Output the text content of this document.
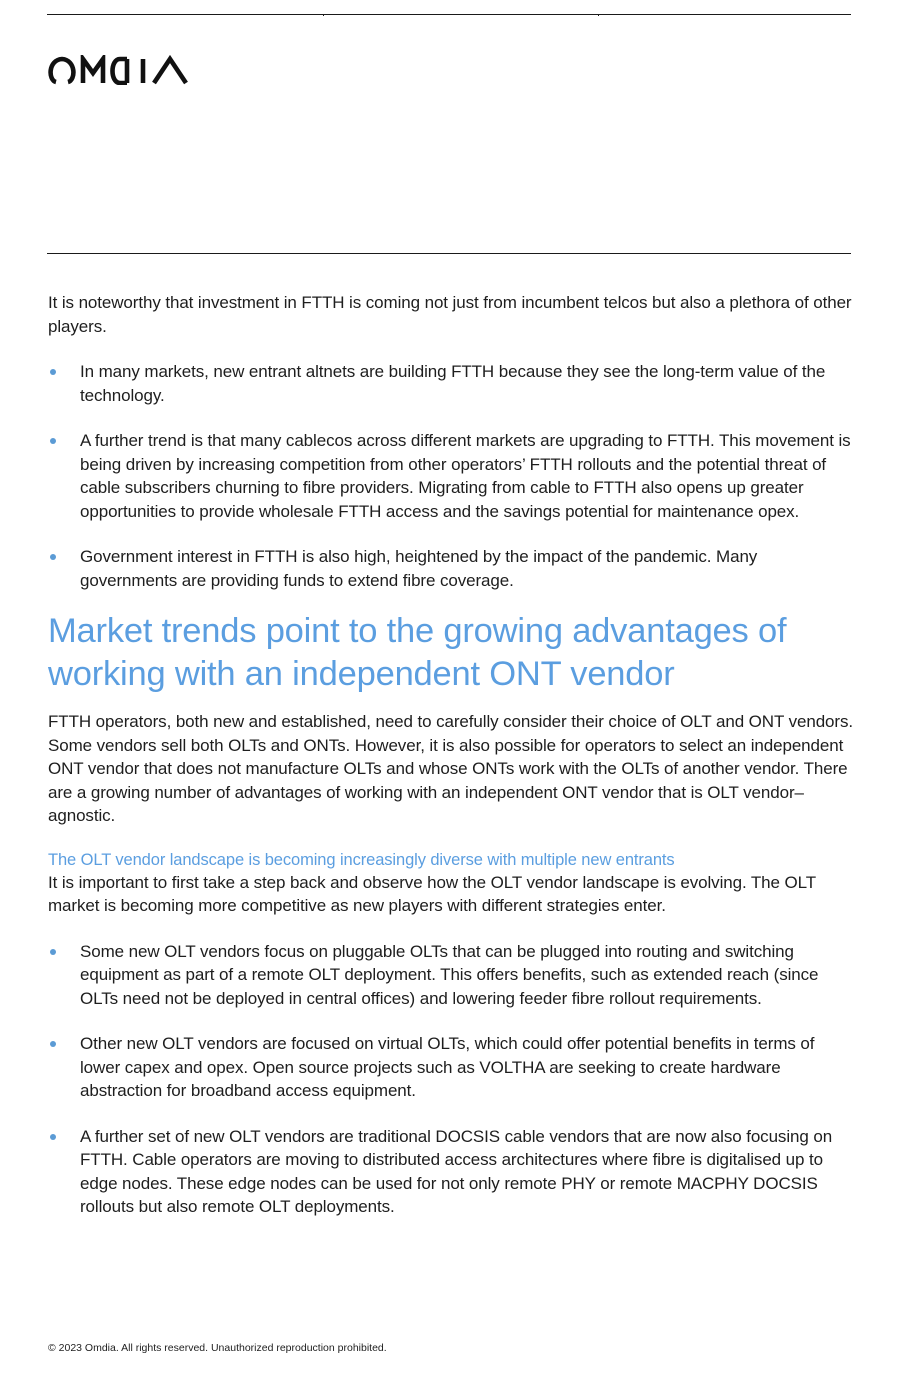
It is noteworthy that investment in FTTH is coming not just from incumbent telcos but also a plethora of other players.

In many markets, new entrant altnets are building FTTH because they see the long-term value of the technology.
A further trend is that many cablecos across different markets are upgrading to FTTH. This movement is being driven by increasing competition from other operators’ FTTH rollouts and the potential threat of cable subscribers churning to fibre providers. Migrating from cable to FTTH also opens up greater opportunities to provide wholesale FTTH access and the savings potential for maintenance opex.
Government interest in FTTH is also high, heightened by the impact of the pandemic. Many governments are providing funds to extend fibre coverage.
Market trends point to the growing advantages of working with an independent ONT vendor

FTTH operators, both new and established, need to carefully consider their choice of OLT and ONT vendors. Some vendors sell both OLTs and ONTs. However, it is also possible for operators to select an independent ONT vendor that does not manufacture OLTs and whose ONTs work with the OLTs of another vendor. There are a growing number of advantages of working with an independent ONT vendor that is OLT vendor–agnostic.

The OLT vendor landscape is becoming increasingly diverse with multiple new entrants

It is important to first take a step back and observe how the OLT vendor landscape is evolving. The OLT market is becoming more competitive as new players with different strategies enter.

Some new OLT vendors focus on pluggable OLTs that can be plugged into routing and switching equipment as part of a remote OLT deployment. This offers benefits, such as extended reach (since OLTs need not be deployed in central offices) and lowering feeder fibre rollout requirements.
Other new OLT vendors are focused on virtual OLTs, which could offer potential benefits in terms of lower capex and opex. Open source projects such as VOLTHA are seeking to create hardware abstraction for broadband access equipment.
A further set of new OLT vendors are traditional DOCSIS cable vendors that are now also focusing on FTTH. Cable operators are moving to distributed access architectures where fibre is digitalised up to edge nodes. These edge nodes can be used for not only remote PHY or remote MACPHY DOCSIS rollouts but also remote OLT deployments.
© 2023 Omdia. All rights reserved. Unauthorized reproduction prohibited.
